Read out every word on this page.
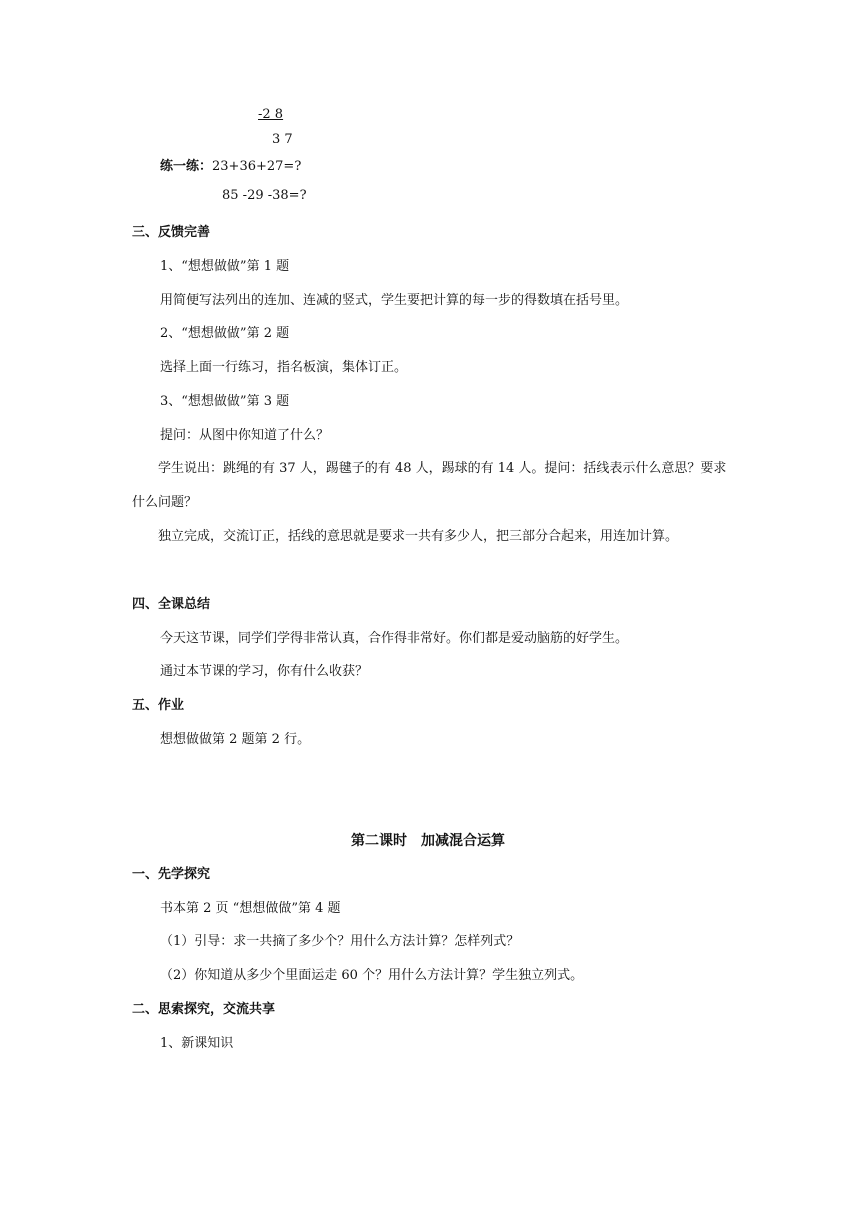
-2 8
3 7
练一练：23+36+27=?
85 -29 -38=?
三、反馈完善
1、“想想做做”第 1 题
用简便写法列出的连加、连减的竖式，学生要把计算的每一步的得数填在括号里。
2、“想想做做”第 2 题
选择上面一行练习，指名板演，集体订正。
3、“想想做做”第 3 题
提问：从图中你知道了什么？
学生说出：跳绳的有 37 人，踢毽子的有 48 人，踢球的有 14 人。提问：括线表示什么意思？要求什么问题？
独立完成，交流订正，括线的意思就是要求一共有多少人，把三部分合起来，用连加计算。
四、全课总结
今天这节课，同学们学得非常认真，合作得非常好。你们都是爱动脑筋的好学生。
通过本节课的学习，你有什么收获？
五、作业
想想做做第 2 题第 2 行。
第二课时　加减混合运算
一、先学探究
书本第 2 页 “想想做做”第 4 题
（1）引导：求一共摘了多少个？用什么方法计算？怎样列式？
（2）你知道从多少个里面运走 60 个？用什么方法计算？学生独立列式。
二、思索探究，交流共享
1、新课知识
